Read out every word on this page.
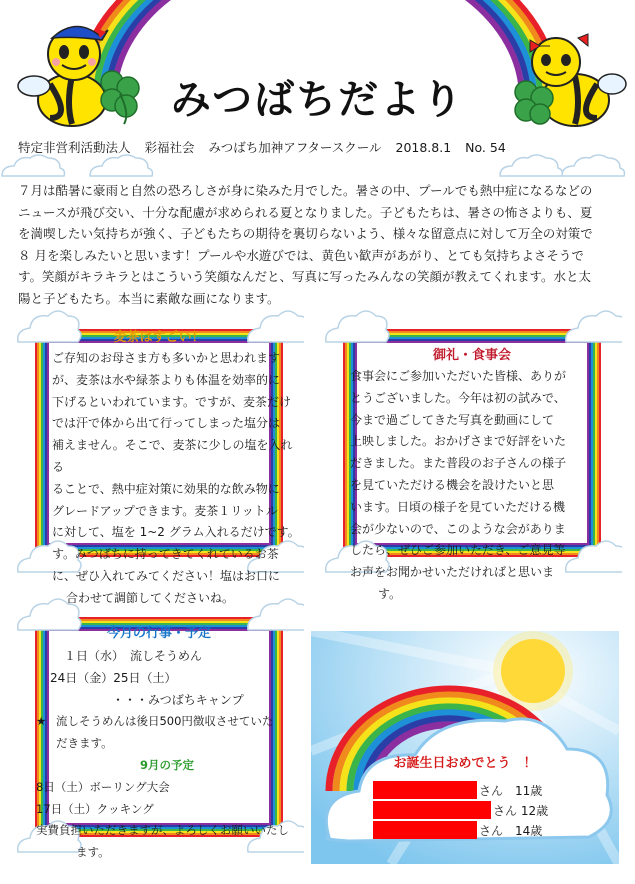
みつばちだより
特定非営利活動法人 彩福社会 みつばち加神アフタースクール 2018.8.1 No. 54
７月は酷暑に豪雨と自然の恐ろしさが身に染みた月でした。暑さの中、プールでも熱中症になるなどの
ニュースが飛び交い、十分な配慮が求められる夏となりました。子どもたちは、暑さの怖さよりも、夏
を満喫したい気持ちが強く、子どもたちの期待を裏切らないよう、様々な留意点に対して万全の対策で
８ 月を楽しみたいと思います！プールや水遊びでは、黄色い歓声があがり、とても気持ちよさそうで
す。笑顔がキラキラとはこういう笑顔なんだと、写真に写ったみんなの笑顔が教えてくれます。水と太
陽と子どもたち。本当に素敵な画になります。
麦茶はすごい！
ご存知のお母さま方も多いかと思われます
が、麦茶は水や緑茶よりも体温を効率的に
下げるといわれています。ですが、麦茶だけ
では汗で体から出て行ってしまった塩分は
補えません。そこで、麦茶に少しの塩を入れる
ることで、熱中症対策に効果的な飲み物に
グレードアップできます。麦茶１リットル
に対して、塩を 1~2 グラム入れるだけです。
す。みつばちに持ってきてくれているお茶
に、ぜひ入れてみてください！塩はお口に
合わせて調節してくださいね。
御礼・食事会
食事会にご参加いただいた皆様、ありが
とうございました。今年は初の試みで、
今まで過ごしてきた写真を動画にして
上映しました。おかげさまで好評をいた
だきました。また普段のお子さんの様子
を見ていただける機会を設けたいと思
います。日頃の様子を見ていただける機
会が少ないので、このような会がありま
したら、ぜひご参加いただき、ご意見等
お声をお聞かせいただければと思いま
す。
今月の行事・予定
１日（水）　流しそうめん
24日（金）25日（土）
・・・みつばちキャンプ
★ 流しそうめんは後日500円徴収させていた
だきます。
9月の予定
8日（土）ボーリング大会
17日（土）クッキング
実費負担いただきますが、よろしくお願いいたし
ます。
お誕生日おめでとう　！
さん　11歳
さん 12歳
さん　14歳
